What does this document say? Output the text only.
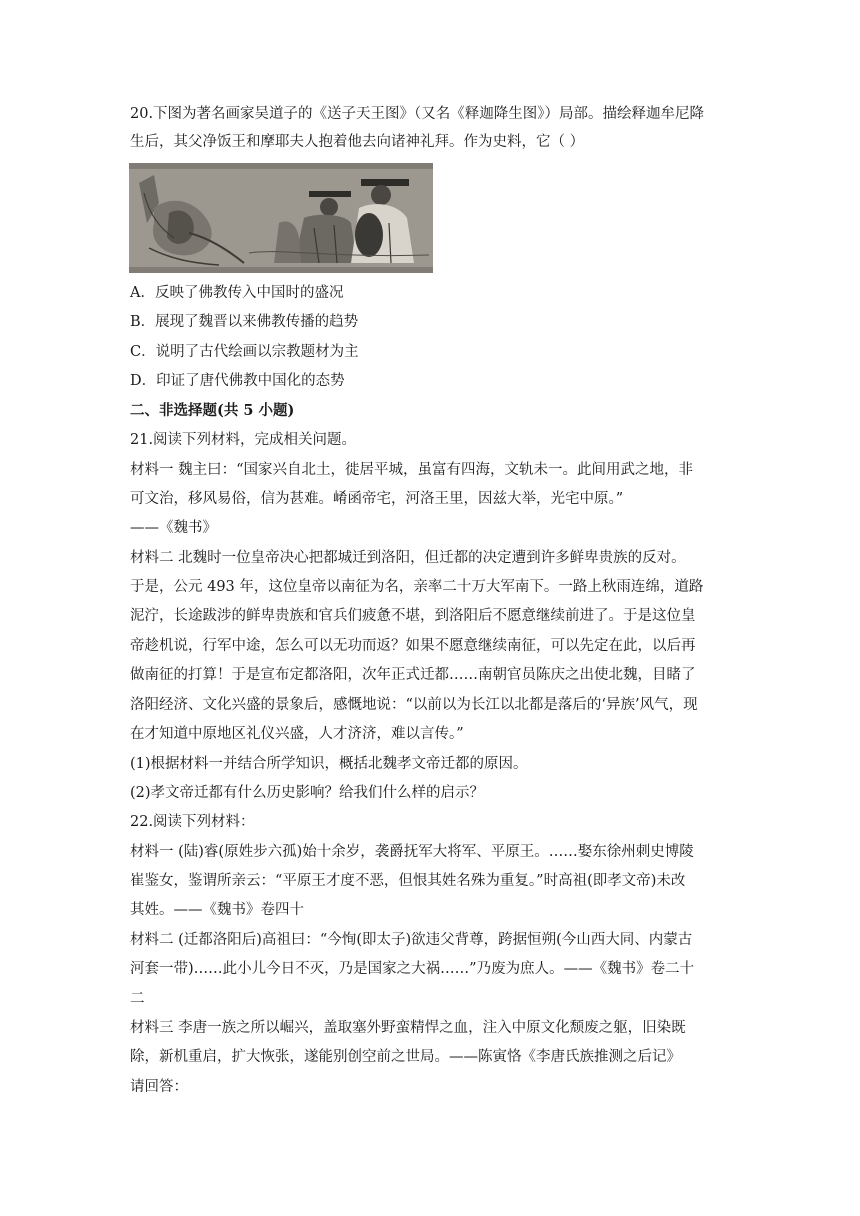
20.下图为著名画家吴道子的《送子天王图》（又名《释迦降生图》）局部。描绘释迦牟尼降
生后，其父净饭王和摩耶夫人抱着他去向诸神礼拜。作为史料，它（ ）
A．反映了佛教传入中国时的盛况
B．展现了魏晋以来佛教传播的趋势
C．说明了古代绘画以宗教题材为主
D．印证了唐代佛教中国化的态势
二、非选择题(共 5 小题)
21.阅读下列材料，完成相关问题。
材料一 魏主曰：“国家兴自北土，徙居平城，虽富有四海，文轨未一。此间用武之地，非
可文治，移风易俗，信为甚难。崤函帝宅，河洛王里，因兹大举，光宅中原。”
——《魏书》
材料二 北魏时一位皇帝决心把都城迁到洛阳，但迁都的决定遭到许多鲜卑贵族的反对。
于是，公元 493 年，这位皇帝以南征为名，亲率二十万大军南下。一路上秋雨连绵，道路
泥泞，长途跋涉的鲜卑贵族和官兵们疲惫不堪，到洛阳后不愿意继续前进了。于是这位皇
帝趁机说，行军中途，怎么可以无功而返？如果不愿意继续南征，可以先定在此，以后再
做南征的打算！于是宣布定都洛阳，次年正式迁都……南朝官员陈庆之出使北魏，目睹了
洛阳经济、文化兴盛的景象后，感慨地说：“以前以为长江以北都是落后的‘异族’风气，现
在才知道中原地区礼仪兴盛，人才济济，难以言传。”
(1)根据材料一并结合所学知识，概括北魏孝文帝迁都的原因。
(2)孝文帝迁都有什么历史影响？给我们什么样的启示？
22.阅读下列材料：
材料一 (陆)睿(原姓步六孤)始十余岁，袭爵抚军大将军、平原王。……娶东徐州刺史博陵
崔鉴女，鉴谓所亲云：“平原王才度不恶，但恨其姓名殊为重复。”时高祖(即孝文帝)未改
其姓。——《魏书》卷四十
材料二 (迁都洛阳后)高祖曰：“今恂(即太子)欲违父背尊，跨据恒朔(今山西大同、内蒙古
河套一带)……此小儿今日不灭，乃是国家之大祸……”乃废为庶人。——《魏书》卷二十
二
材料三 李唐一族之所以崛兴，盖取塞外野蛮精悍之血，注入中原文化颓废之躯，旧染既
除，新机重启，扩大恢张，遂能别创空前之世局。——陈寅恪《李唐氏族推测之后记》
请回答：
